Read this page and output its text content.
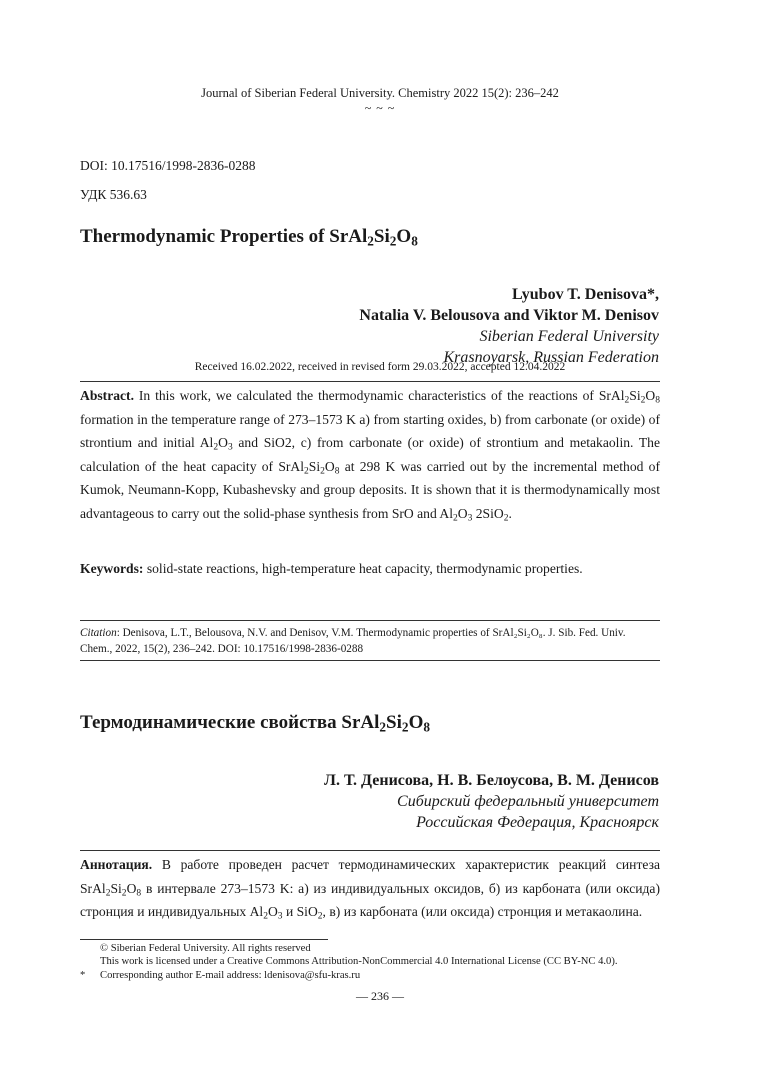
Journal of Siberian Federal University. Chemistry 2022 15(2): 236–242
~ ~ ~
DOI: 10.17516/1998-2836-0288
УДК 536.63
Thermodynamic Properties of $SrAl_2Si_2O_8$
Lyubov T. Denisova*,
Natalia V. Belousova and Viktor M. Denisov
Siberian Federal University
Krasnoyarsk, Russian Federation
Received 16.02.2022, received in revised form 29.03.2022, accepted 12.04.2022
Abstract. In this work, we calculated the thermodynamic characteristics of the reactions of $SrAl_2Si_2O_8$ formation in the temperature range of 273–1573 K a) from starting oxides, b) from carbonate (or oxide) of strontium and initial $Al_2O_3$ and SiO2, c) from carbonate (or oxide) of strontium and metakaolin. The calculation of the heat capacity of $SrAl_2Si_2O_8$ at 298 K was carried out by the incremental method of Kumok, Neumann-Kopp, Kubashevsky and group deposits. It is shown that it is thermodynamically most advantageous to carry out the solid-phase synthesis from SrO and $Al_2O_3$ 2SiO$_2$.
Keywords: solid-state reactions, high-temperature heat capacity, thermodynamic properties.
Citation: Denisova, L.T., Belousova, N.V. and Denisov, V.M. Thermodynamic properties of SrAl₂Si₂O₈. J. Sib. Fed. Univ. Chem., 2022, 15(2), 236–242. DOI: 10.17516/1998-2836-0288
Термодинамические свойства $SrAl_2Si_2O_8$
Л. Т. Денисова, Н. В. Белоусова, В. М. Денисов
Сибирский федеральный университет
Российская Федерация, Красноярск
Аннотация. В работе проведен расчет термодинамических характеристик реакций синтеза $SrAl_2Si_2O_8$ в интервале 273–1573 K: а) из индивидуальных оксидов, б) из карбоната (или оксида) стронция и индивидуальных $Al_2O_3$ и SiO$_2$, в) из карбоната (или оксида) стронция и метакаолина.
© Siberian Federal University. All rights reserved
This work is licensed under a Creative Commons Attribution-NonCommercial 4.0 International License (CC BY-NC 4.0).
* Corresponding author E-mail address: ldenisova@sfu-kras.ru
— 236 —
